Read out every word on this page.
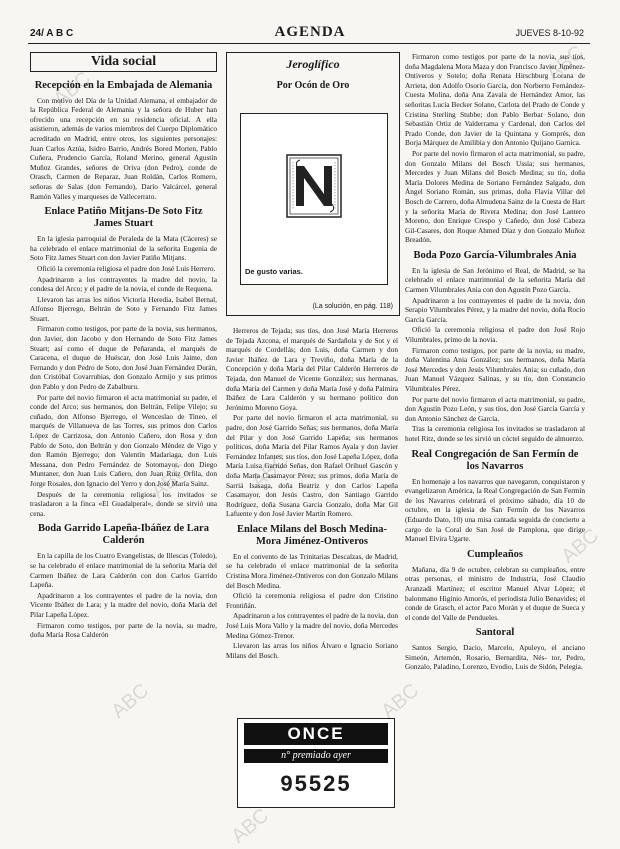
24/ A B C	AGENDA	JUEVES 8-10-92
Vida social
Recepción en la Embajada de Alemania

Con motivo del Día de la Unidad Alemana, el embajador de la República Federal de Alemania y la señora de Huber han ofrecido una recepción en su residencia oficial. A ella asistieron, además de varios miembros del Cuerpo Diplomático acreditado en Madrid, entre otros, los siguientes personajes: Juan Carlos Aztúa, Isidro Barrio, Andrés Bored Morten, Pablo Cuñera, Prudencio García, Roland Merino, general Agustín Muñoz Grandes, señores de Oriva (don Pedro), conde de Orasch, Carmen de Reparaz, Juan Roldán, Carlos Romero, señoras de Salas (don Fernando), Darío Valcárcel, general Ramón Valles y marqueses de Vallecerrato.

Enlace Patiño Mitjans-De Soto Fitz James Stuart

En la iglesia parroquial de Peraleda de la Mata (Cáceres) se ha celebrado el enlace matrimonial de la señorita Eugenia de Soto Fitz James Stuart con don Javier Patiño Mitjans.

Ofició la ceremonia religiosa el padre don José Luis Herrero.

Apadrinaron a los contrayentes la madre del novio, la condesa del Arco; y el padre de la novia, el conde de Requena.

Llevaron las arras los niños Victoria Heredia, Isabel Bernal, Alfonso Bjerrego, Beltrán de Soto y Fernando Fitz James Stuart.

Firmaron como testigos, por parte de la novia, sus hermanos, don Javier, don Jacobo y don Hernando de Soto Fitz James Stuart; así como el duque de Peñaranda, el marqués de Caracena, el duque de Huéscar, don José Luis Jaime, don Fernando y don Pedro de Soto, don José Juan Fernández Durán, don Cristóbal Covarrubias, don Gonzalo Armijo y sus primos don Pablo y don Pedro de Zabalburu.

Por parte del novio firmaron el acta matrimonial su padre, el conde del Arco; sus hermanos, don Beltrán, Felipe Vilejo; su cuñado, don Alfonso Bjerrego, el Wenceslao de Tineo, el marqués de Villanueva de las Torres, sus primos don Carlos López de Carrizosa, don Antonio Cañero, don Rosa y don Pablo de Soto, don Beltrán y don Gonzalo Méndez de Vigo y don Ramón Bjerrego; don Valentín Madariaga, don Luis Messana, don Pedro Fernández de Sotomayor, don Diego Muntaner, don Juan Luis Cañero, don Juan Ruiz Orfila, don Jorge Rosales, don Ignacio del Yerro y don José María Sainz.

Después de la ceremonia religiosa los invitados se trasladaron a la finca «El Guadalperal», donde se sirvió una cena.

Boda Garrido Lapeña-Ibáñez de Lara Calderón

En la capilla de los Cuatro Evangelistas, de Illescas (Toledo), se ha celebrado el enlace matrimonial de la señorita María del Carmen Ibáñez de Lara Calderón con don Carlos Garrido Lapeña.

Apadrinaron a los contrayentes el padre de la novia, don Vicente Ibáñez de Lara; y la madre del novio, doña María del Pilar Lapeña López.

Firmaron como testigos, por parte de la novia, su madre, doña María Rosa Calderón

Jeroglífico
Por Ocón de Oro
De gusto varias.
(La solución, en pág. 118)

Herreros de Tejada; sus tíos, don José María Herreros de Tejada Azcona, el marqués de Sardañola y de Sot y el marqués de Cordellás; don Luis, doña Carmen y don Javier Ibáñez de Lara y Treviño, doña María de la Concepción y doña María del Pilar Calderón Herreros de Tejada, don Manuel de Vicente González; sus hermanas, doña María del Carmen y doña María José y doña Palmira Ibáñez de Lara Calderón y su hermano político don Jerónimo Moreno Goya.

Por parte del novio firmaron el acta matrimonial, su padre, don José Garrido Señas; sus hermanos, doña María del Pilar y don José Garrido Lapeña; sus hermanos políticos, doña María del Pilar Ramos Ayala y don Javier Fernández Infantes; sus tíos, don José Lapeña López, doña María Luisa Garrido Señas, don Rafael Orihuel Gascón y doña María Casamayor Pérez; sus primos, doña María de Sarriá Isasaga, doña Beatriz y don Carlos Lapeña Casamayor, don Jesús Castro, don Santiago Garrido Rodríguez, doña Susana García Gonzalo, doña Mar Gil Lafuente y don José Javier Martín Romero.

Enlace Milans del Bosch Medina-Mora Jiménez-Ontiveros

En el convento de las Trinitarias Descalzas, de Madrid, se ha celebrado el enlace matrimonial de la señorita Cristina Mora Jiménez-Ontiveros con don Gonzalo Milans del Bosch Medina.

Ofició la ceremonia religiosa el padre don Cristino Frontiñán.

Apadrinaron a los contrayentes el padre de la novia, don José Luis Mora Vallo y la madre del novio, doña Mercedes Medina Gómez-Trenor.

Llevaron las arras los niños Álvaro e Ignacio Soriano Milans del Bosch.

ONCE
n° premiado ayer
95525

Firmaron como testigos por parte de la novia, sus tíos, doña Magdalena Mora Maza y don Francisco Javier Jiménez-Ontiveros y Sotelo; doña Renata Hirschburg Lorana de Arrieta, don Adolfo Osorio García, don Norberto Fernández-Cuesta Molina, doña Ana Zavala de Hernández Amor, las señoritas Lucía Becker Solano, Carlota del Prado de Conde y Cristina Sterling Stubbe; don Pablo Berbar Solano, don Sebastián Ortiz de Valderrama y Cardenal, don Carlos del Prado Conde, don Javier de la Quintana y Gomprés, don Borja Márquez de Amilibia y don Antonio Quijano Garnica.

Por parte del novio firmaron el acta matrimonial, su padre, don Gonzalo Milans del Bosch Ussía; sus hermanos, Mercedes y Juan Milans del Bosch Medina; su tío, doña María Dolores Medina de Soriano Fernández Salgado, don Ángel Soriano Román, sus primas, doña Flavia Villar del Bosch de Carrero, doña Almudena Sainz de la Cuesta de Hart y la señorita María de Rivera Medina; don José Lantero Moreno, don Enrique Crespo y Cañedo, don José Cabeza Gil-Casares, don Roque Ahmed Díaz y don Gonzalo Muñoz Breadón.

Boda Pozo García-Vilumbrales Ania

En la iglesia de San Jerónimo el Real, de Madrid, se ha celebrado el enlace matrimonial de la señorita María del Carmen Vilumbrales Ania con don Agustín Pozo García.

Apadrinaron a los contrayentes el padre de la novia, don Serapio Vilumbrales Pérez, y la madre del novio, doña Rocío García García.

Ofició la ceremonia religiosa el padre don José Rojo Vilumbrales, primo de la novia.

Firmaron como testigos, por parte de la novia, su madre, doña Valentina Ania González; sus hermanos, doña María José Mercedes y don Jesús Vilumbrales Ania; su cuñado, don Juan Manuel Vázquez Salinas, y su tío, don Constancio Vilumbrales Pérez.

Por parte del novio firmaron el acta matrimonial, su padre, don Agustín Pozo León, y sus tíos, don José García García y don Antonio Sánchez de García.

Tras la ceremonia religiosa los invitados se trasladaron al hotel Ritz, donde se les sirvió un cóctel seguido de almuerzo.

Real Congregación de San Fermín de los Navarros

En homenaje a los navarros que navegaron, conquistaron y evangelizaron América, la Real Congregación de San Fermín de los Navarros celebrará el próximo sábado, día 10 de octubre, en la iglesia de San Fermín de los Navarros (Eduardo Dato, 10) una misa cantada seguida de concierto a cargo de la Coral de San José de Pamplona, que dirige Manuel Elvira Ugarte.

Cumpleaños

Mañana, día 9 de octubre, celebran su cumpleaños, entre otras personas, el ministro de Industria, José Claudio Aranzadi Martínez; el escritor Manuel Alvar López; el balonmano Higinio Amorós, el periodista Julio Benavides; el conde de Grasch, el actor Paco Morán y el duque de Sueca y el conde del Valle de Pendueles.

Santoral

Santos Sergio, Dacio, Marcelo, Apuleyo, el anciano Simeón, Artemón, Rosario, Bernardita, Nés- tor, Pedro, Gonzalo, Paladino, Lorenzo, Evodio, Luis de Sidón, Pelegia.

ABC
ABC
ABC
ABC
ABC
ABC
ABC
ABC
